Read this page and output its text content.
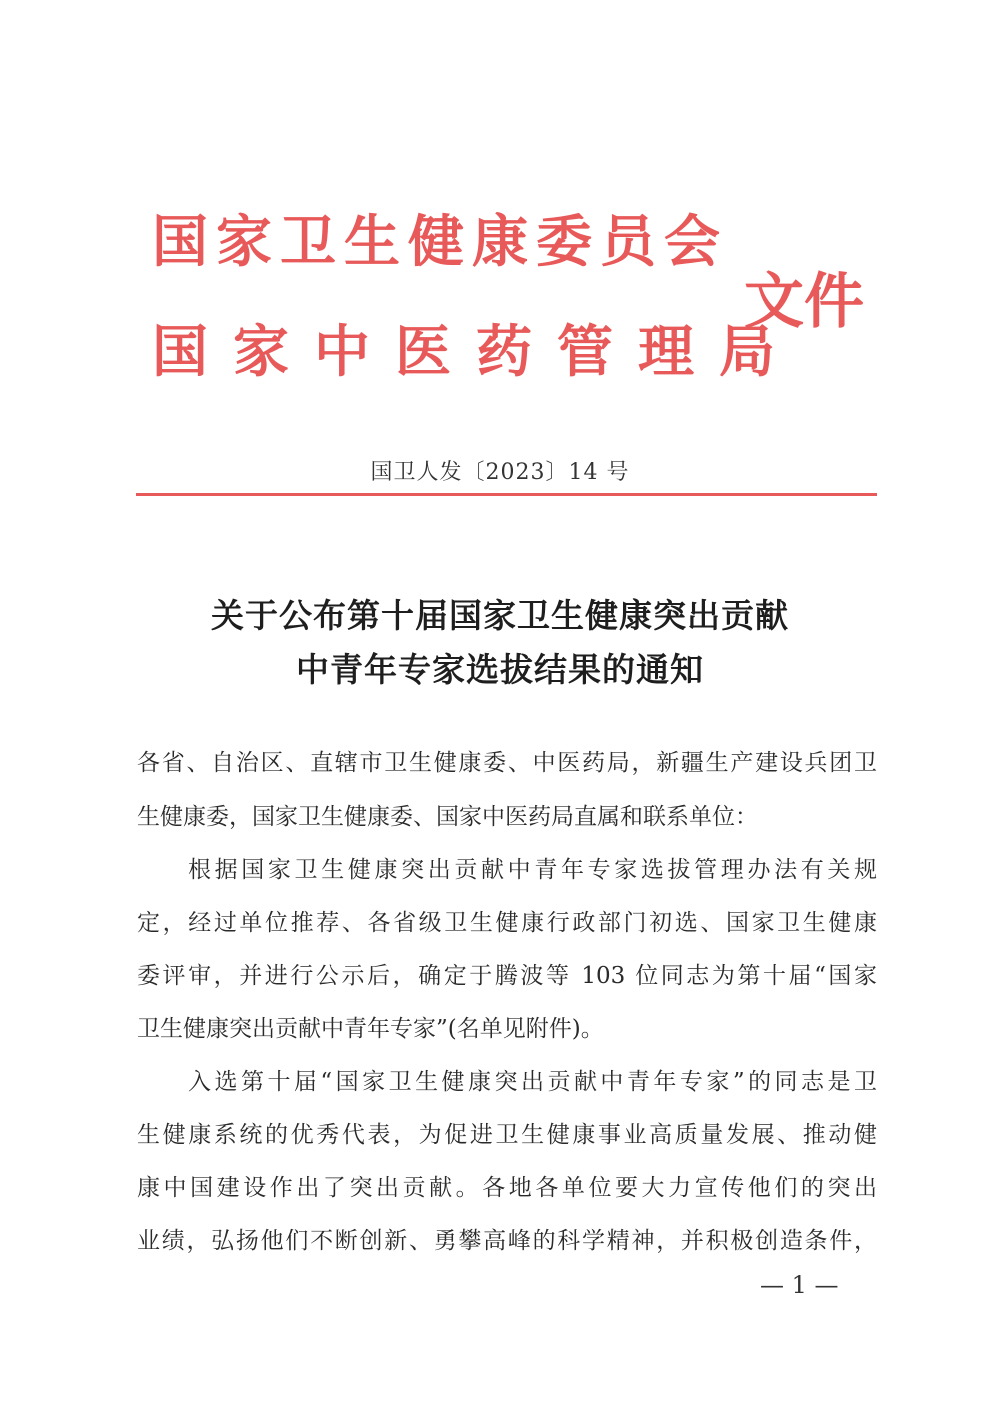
国家卫生健康委员会
国家中医药管理局
文件
国卫人发〔2023〕14 号
关于公布第十届国家卫生健康突出贡献
中青年专家选拔结果的通知
各省、自治区、直辖市卫生健康委、中医药局，新疆生产建设兵团卫
生健康委，国家卫生健康委、国家中医药局直属和联系单位：
根据国家卫生健康突出贡献中青年专家选拔管理办法有关规
定，经过单位推荐、各省级卫生健康行政部门初选、国家卫生健康
委评审，并进行公示后，确定于腾波等 103 位同志为第十届“国家
卫生健康突出贡献中青年专家”(名单见附件)。
入选第十届“国家卫生健康突出贡献中青年专家”的同志是卫
生健康系统的优秀代表，为促进卫生健康事业高质量发展、推动健
康中国建设作出了突出贡献。各地各单位要大力宣传他们的突出
业绩，弘扬他们不断创新、勇攀高峰的科学精神，并积极创造条件，
— 1 —
